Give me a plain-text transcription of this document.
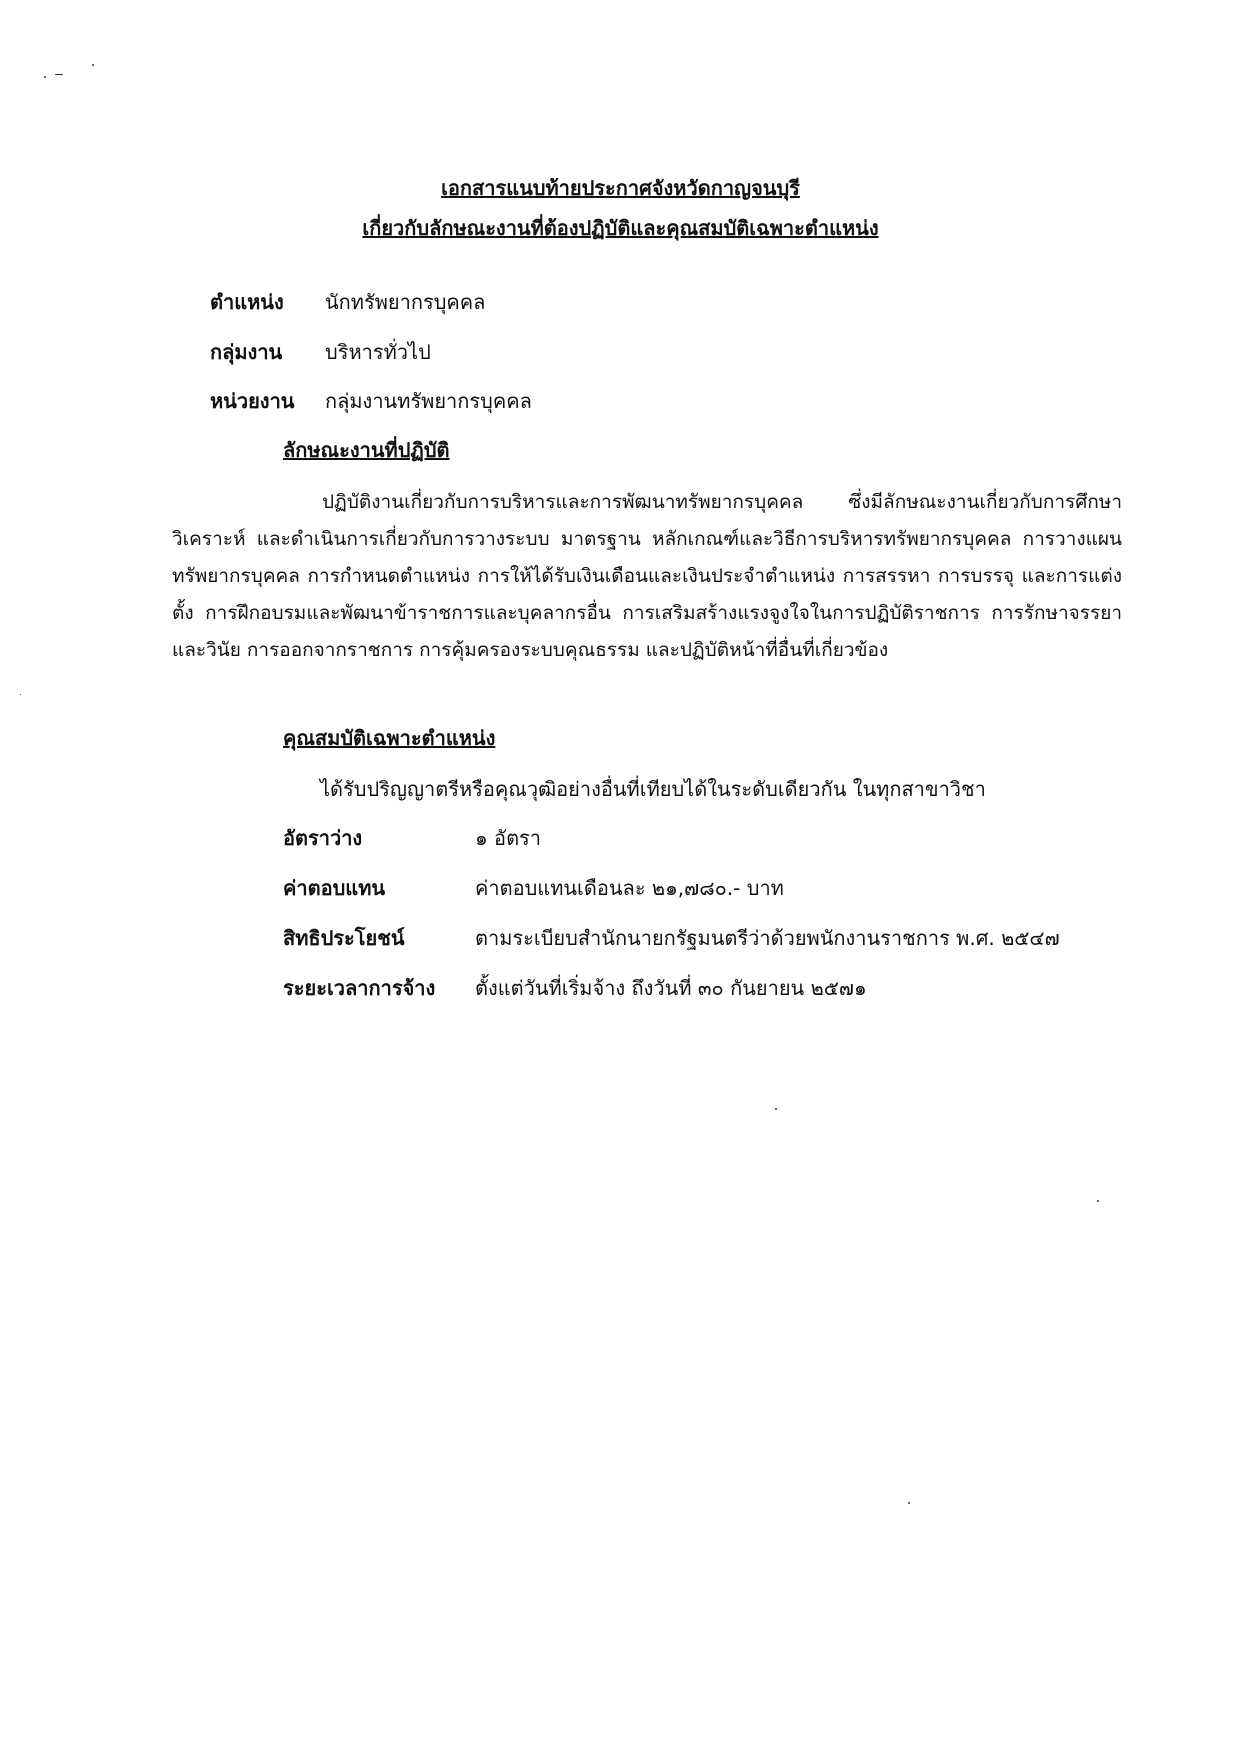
เอกสารแนบท้ายประกาศจังหวัดกาญจนบุรี
เกี่ยวกับลักษณะงานที่ต้องปฏิบัติและคุณสมบัติเฉพาะตำแหน่ง
ตำแหน่ง นักทรัพยากรบุคคล
กลุ่มงาน บริหารทั่วไป
หน่วยงาน กลุ่มงานทรัพยากรบุคคล
ลักษณะงานที่ปฏิบัติ
ปฏิบัติงานเกี่ยวกับการบริหารและการพัฒนาทรัพยากรบุคคล ซึ่งมีลักษณะงานเกี่ยวกับการศึกษา วิเคราะห์ และดำเนินการเกี่ยวกับการวางระบบ มาตรฐาน หลักเกณฑ์และวิธีการบริหารทรัพยากรบุคคล การวางแผนทรัพยากรบุคคล การกำหนดตำแหน่ง การให้ได้รับเงินเดือนและเงินประจำตำแหน่ง การสรรหา การบรรจุ และการแต่งตั้ง การฝึกอบรมและพัฒนาข้าราชการและบุคลากรอื่น การเสริมสร้างแรงจูงใจในการปฏิบัติราชการ การรักษาจรรยาและวินัย การออกจากราชการ การคุ้มครองระบบคุณธรรม และปฏิบัติหน้าที่อื่นที่เกี่ยวข้อง
คุณสมบัติเฉพาะตำแหน่ง
ได้รับปริญญาตรีหรือคุณวุฒิอย่างอื่นที่เทียบได้ในระดับเดียวกัน ในทุกสาขาวิชา
อัตราว่าง	๑ อัตรา
ค่าตอบแทน	ค่าตอบแทนเดือนละ ๒๑,๗๘๐.- บาท
สิทธิประโยชน์	ตามระเบียบสำนักนายกรัฐมนตรีว่าด้วยพนักงานราชการ พ.ศ. ๒๕๔๗
ระยะเวลาการจ้าง ตั้งแต่วันที่เริ่มจ้าง ถึงวันที่ ๓๐ กันยายน ๒๕๗๑
